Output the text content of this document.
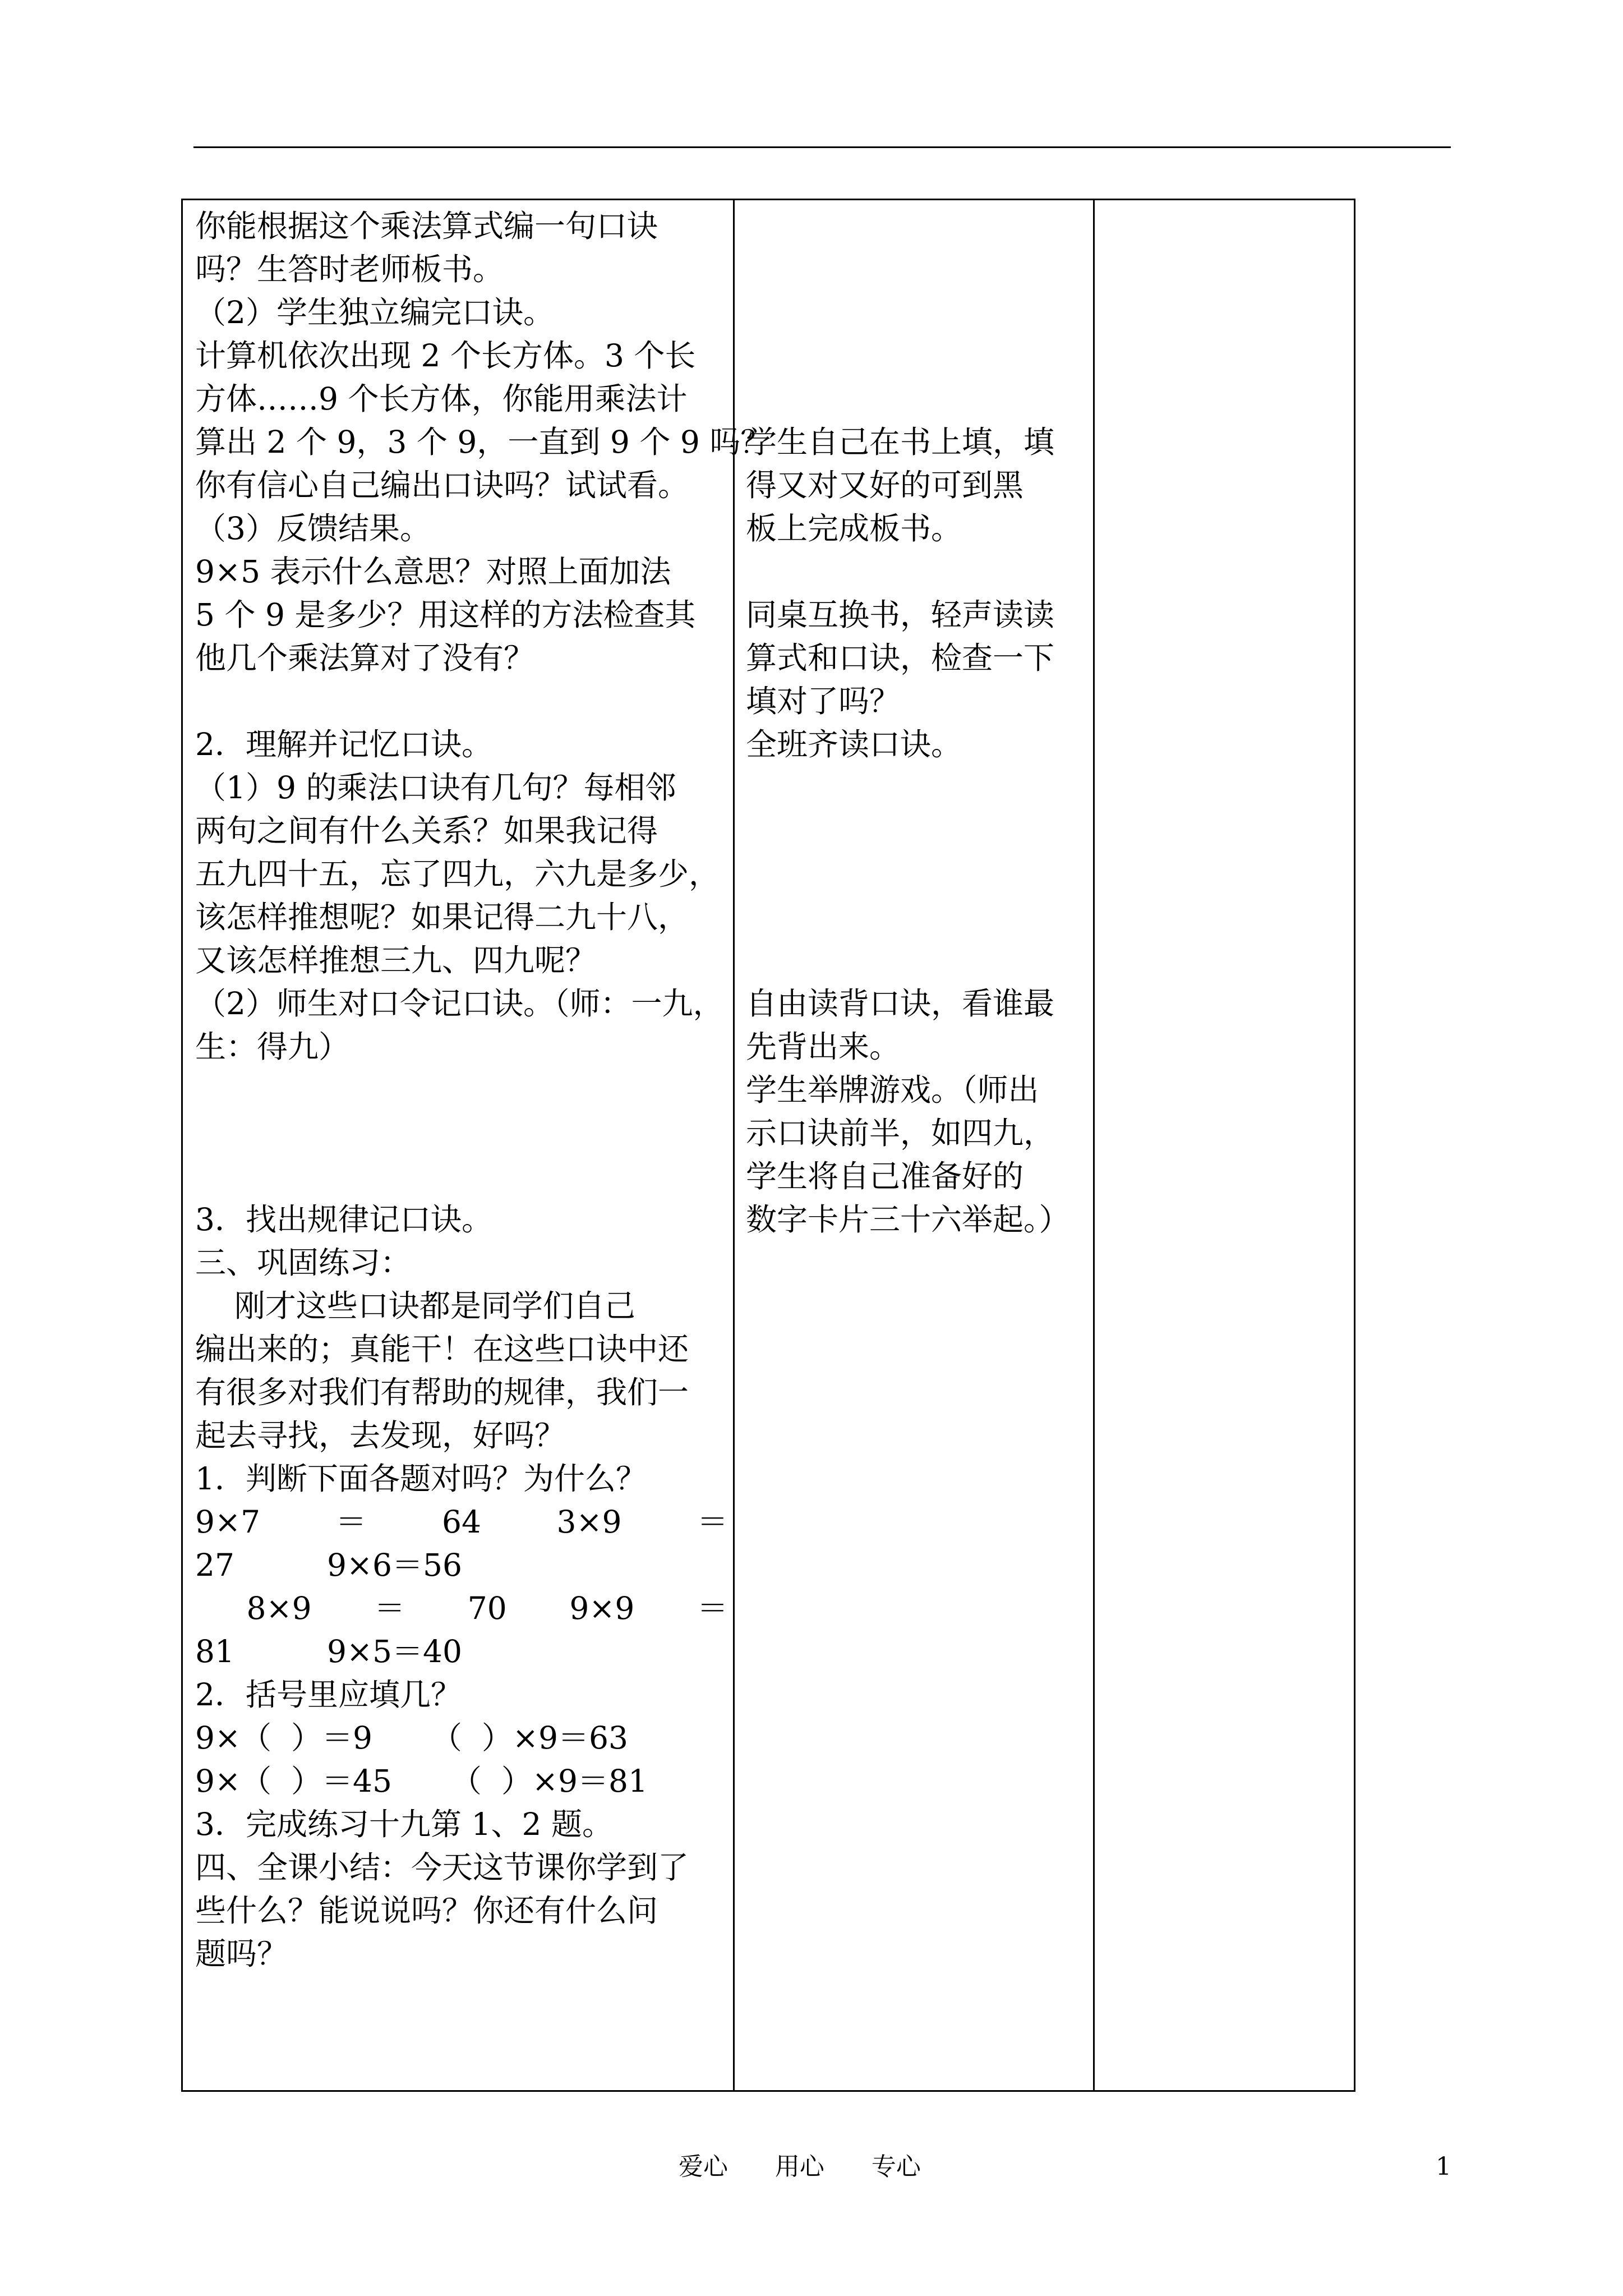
你能根据这个乘法算式编一句口诀
吗？生答时老师板书。
（2）学生独立编完口诀。
计算机依次出现 2 个长方体。3 个长
方体……9 个长方体，你能用乘法计
算出 2 个 9，3 个 9，一直到 9 个 9 吗？
你有信心自己编出口诀吗？试试看。
（3）反馈结果。
9×5 表示什么意思？对照上面加法
5 个 9 是多少？用这样的方法检查其
他几个乘法算对了没有？
2．理解并记忆口诀。
（1）9 的乘法口诀有几句？每相邻
两句之间有什么关系？如果我记得
五九四十五，忘了四九，六九是多少，
该怎样推想呢？如果记得二九十八，
又该怎样推想三九、四九呢？
（2）师生对口令记口诀。（师：一九，
生：得九）
3．找出规律记口诀。
三、巩固练习：
刚才这些口诀都是同学们自己
编出来的；真能干！在这些口诀中还
有很多对我们有帮助的规律，我们一
起去寻找，去发现，好吗？
1．判断下面各题对吗？为什么？
9×7　＝　64　3×9　＝
27　　　9×6＝56
8×9　＝　70　9×9　＝
81　　　9×5＝40
2．括号里应填几？
9×（  ）＝9      （  ）×9＝63
9×（  ）＝45      （  ）×9＝81
3．完成练习十九第 1、2 题。
四、全课小结：今天这节课你学到了
些什么？能说说吗？你还有什么问
题吗？
学生自己在书上填，填
得又对又好的可到黑
板上完成板书。
同桌互换书，轻声读读
算式和口诀，检查一下
填对了吗？
全班齐读口诀。
自由读背口诀，看谁最
先背出来。
学生举牌游戏。（师出
示口诀前半，如四九，
学生将自己准备好的
数字卡片三十六举起。）
爱心      用心      专心	1
